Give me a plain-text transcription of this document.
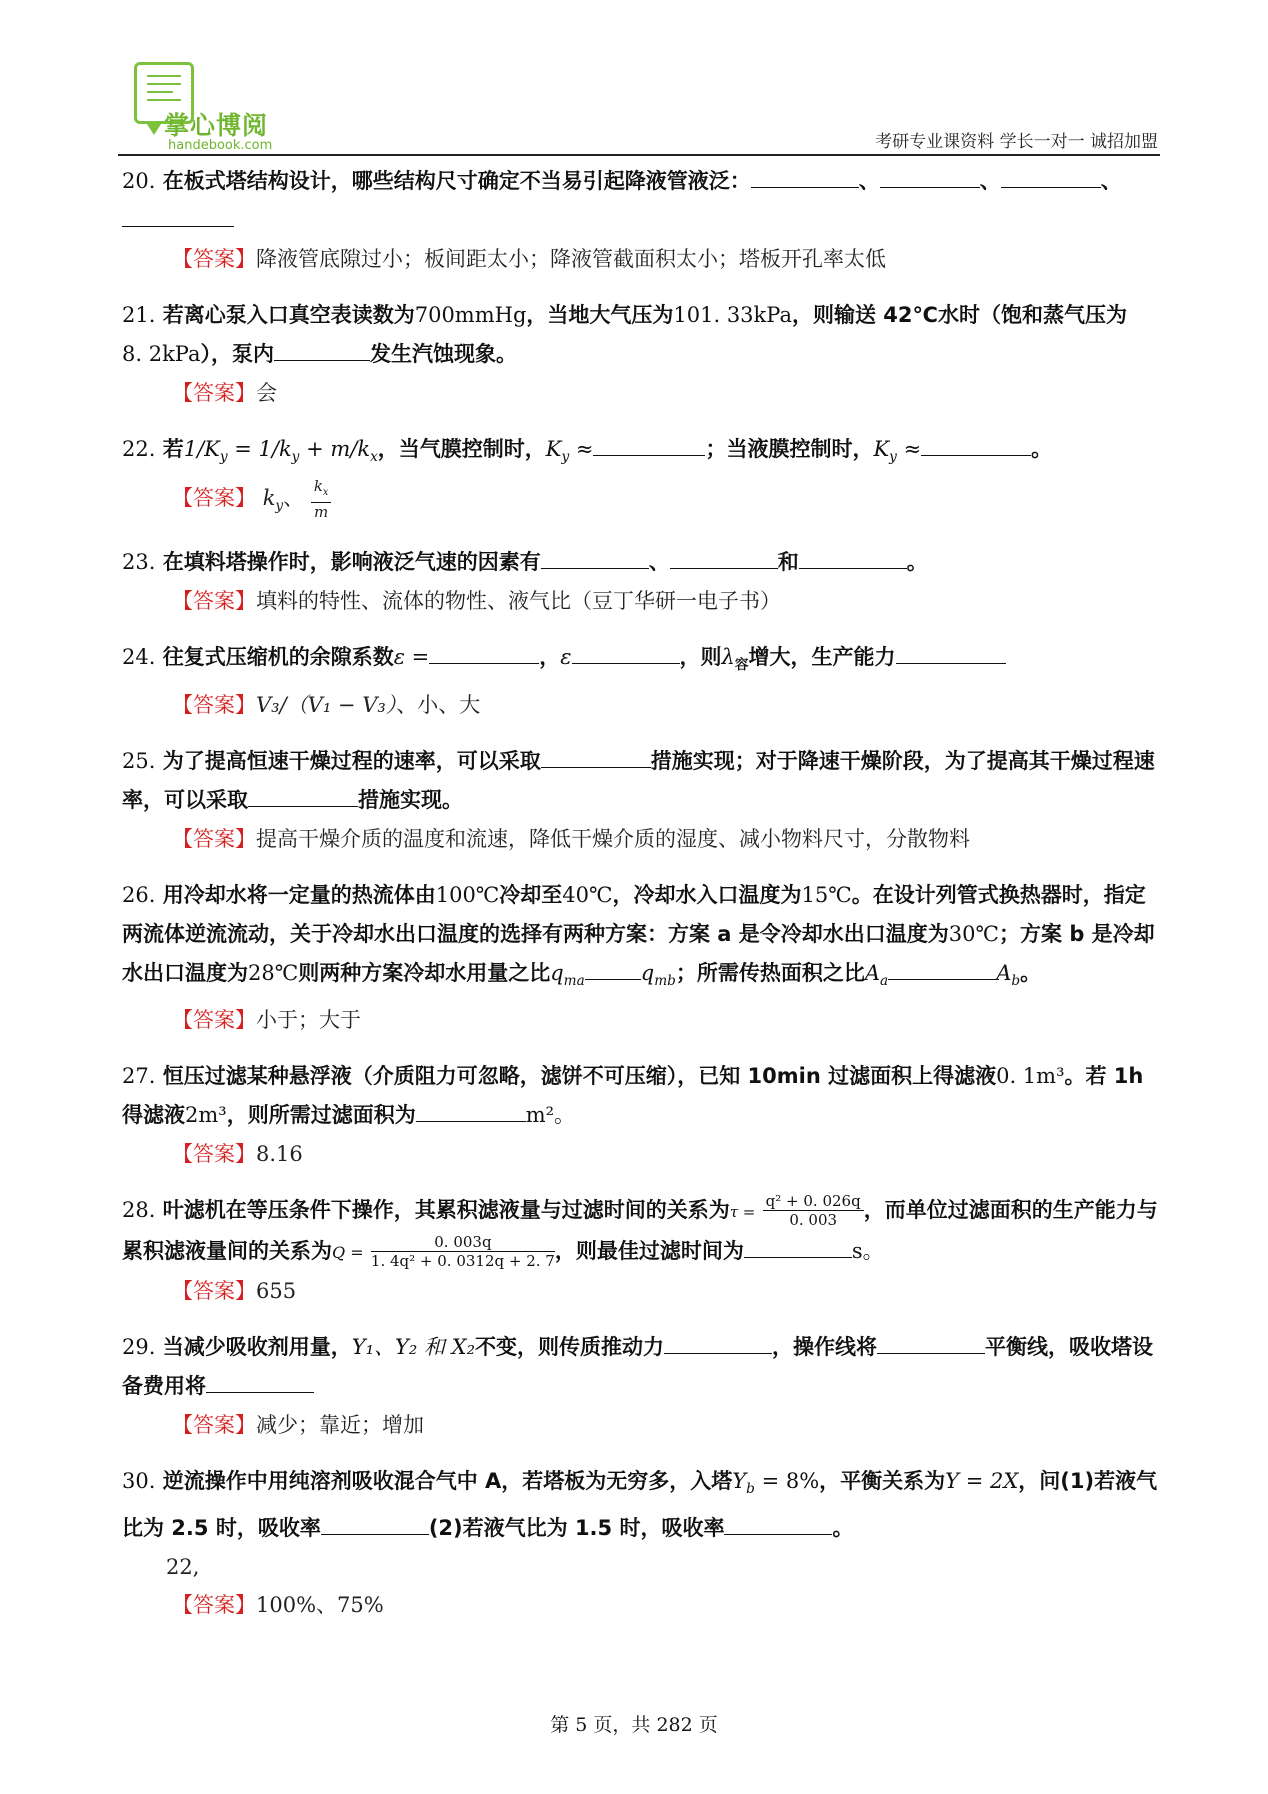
掌心博阅
handebook.com	考研专业课资料 学长一对一 诚招加盟

20. 在板式塔结构设计，哪些结构尺寸确定不当易引起降液管液泛：	、	、	、

【答案】降液管底隙过小；板间距太小；降液管截面积太小；塔板开孔率太低

21. 若离心泵入口真空表读数为700mmHg，当地大气压为101. 33kPa，则输送 42℃水时（饱和蒸气压为
8. 2kPa），泵内	发生汽蚀现象。

【答案】会

22. 若$1/K_y = 1/k_y + m/k_x$，当气膜控制时，$K_y$ ≈	；当液膜控制时，$K_y$ ≈	。

【答案】 $k_y$、 $\frac{k_x}{m}$

23. 在填料塔操作时，影响液泛气速的因素有	、	和	。

【答案】填料的特性、流体的物性、液气比（豆丁华研一电子书）

24. 往复式压缩机的余隙系数ε =	，ε	，则$\lambda_容$增大，生产能力

【答案】V₃/（V₁ − V₃）、小、大

25. 为了提高恒速干燥过程的速率，可以采取	措施实现；对于降速干燥阶段，为了提高其干燥过程速率，可以采取	措施实现。

【答案】提高干燥介质的温度和流速，降低干燥介质的湿度、减小物料尺寸，分散物料

26. 用冷却水将一定量的热流体由100℃冷却至40℃，冷却水入口温度为15℃。在设计列管式换热器时，指定两流体逆流流动，关于冷却水出口温度的选择有两种方案：方案 a 是令冷却水出口温度为30℃；方案 b 是冷却水出口温度为28℃则两种方案冷却水用量之比$q_{ma}$	$q_{mb}$；所需传热面积之比$A_a$	$A_b$。

【答案】小于；大于

27. 恒压过滤某种悬浮液（介质阻力可忽略，滤饼不可压缩），已知 10min 过滤面积上得滤液0. 1m³。若 1h 得滤液2m³，则所需过滤面积为	m²。

【答案】8.16

28. 叶滤机在等压条件下操作，其累积滤液量与过滤时间的关系为$\tau = \frac{\text{q² + 0. 026q}}{0. 003}$ ，而单位过滤面积的生产能力与累积滤液量间的关系为$Q = \frac{0. 003q}{\text{1. 4q² + 0. 0312q + 2. 7}}$ ，则最佳过滤时间为	s。

【答案】655

29. 当减少吸收剂用量，Y₁、Y₂ 和 X₂不变，则传质推动力	，操作线将	平衡线，吸收塔设备费用将

【答案】减少；靠近；增加

30. 逆流操作中用纯溶剂吸收混合气中 A，若塔板为无穷多，入塔$Y_b = 8\%$，平衡关系为Y = 2X，问(1)若液气比为 2.5 时，吸收率	(2)若液气比为 1.5 时，吸收率	。

22,

【答案】100%、75%

第 5 页，共 282 页
